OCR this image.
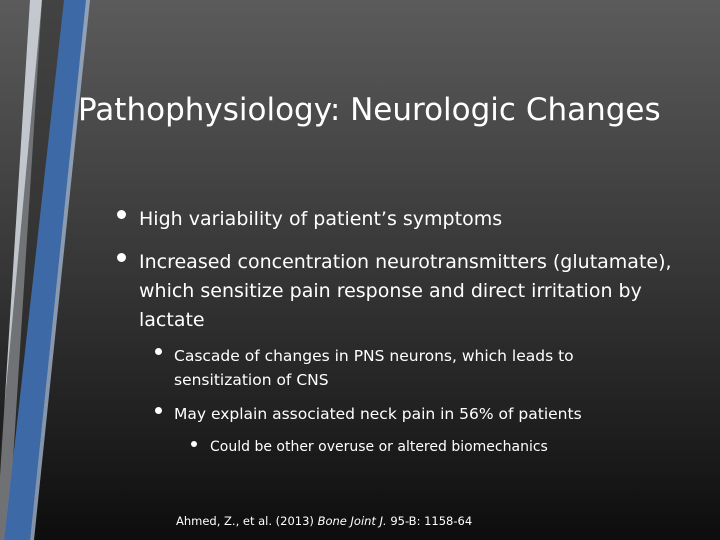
Pathophysiology: Neurologic Changes
High variability of patient’s symptoms
Increased concentration neurotransmitters (glutamate), which sensitize pain response and direct irritation by lactate
Cascade of changes in PNS neurons, which leads to sensitization of CNS
May explain associated neck pain in 56% of patients
Could be other overuse or altered biomechanics
Ahmed, Z., et al. (2013) Bone Joint J. 95-B: 1158-64
